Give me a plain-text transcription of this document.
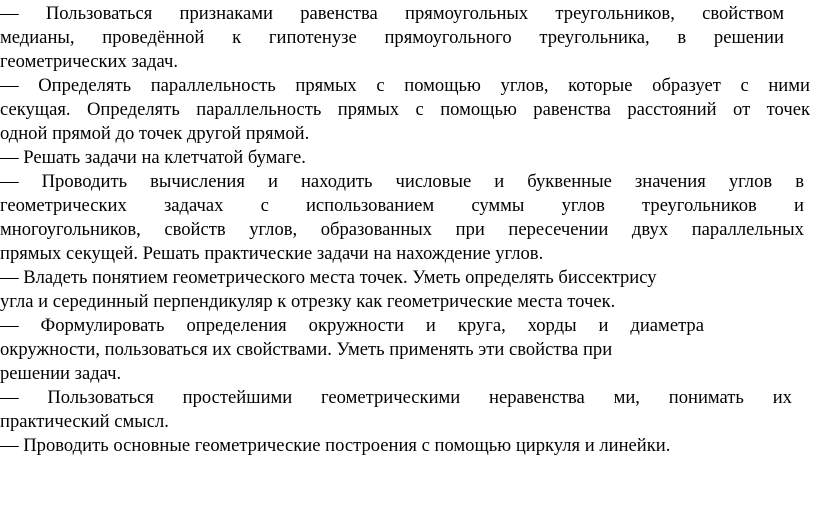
— Пользоваться признаками равенства прямоугольных треугольников, свойством
медианы, проведённой к гипотенузе прямоугольного треугольника, в решении
геометрических задач.
— Определять параллельность прямых с помощью углов, которые образует с ними
секущая. Определять параллельность прямых с помощью равенства расстояний от точек
одной прямой до точек другой прямой.
— Решать задачи на клетчатой бумаге.
— Проводить вычисления и находить числовые и буквенные значения углов в
геометрических задачах с использованием суммы углов треугольников и
многоугольников, свойств углов, образованных при пересечении двух параллельных
прямых секущей. Решать практические задачи на нахождение углов.
— Владеть понятием геометрического места точек. Уметь определять биссектрису
угла и серединный перпендикуляр к отрезку как геометрические места точек.
— Формулировать определения окружности и круга, хорды и диаметра
окружности, пользоваться их свойствами. Уметь применять эти свойства при
решении задач.
— Пользоваться простейшими геометрическими неравенства ми, понимать их
практический смысл.
— Проводить основные геометрические построения с помощью циркуля и линейки.
